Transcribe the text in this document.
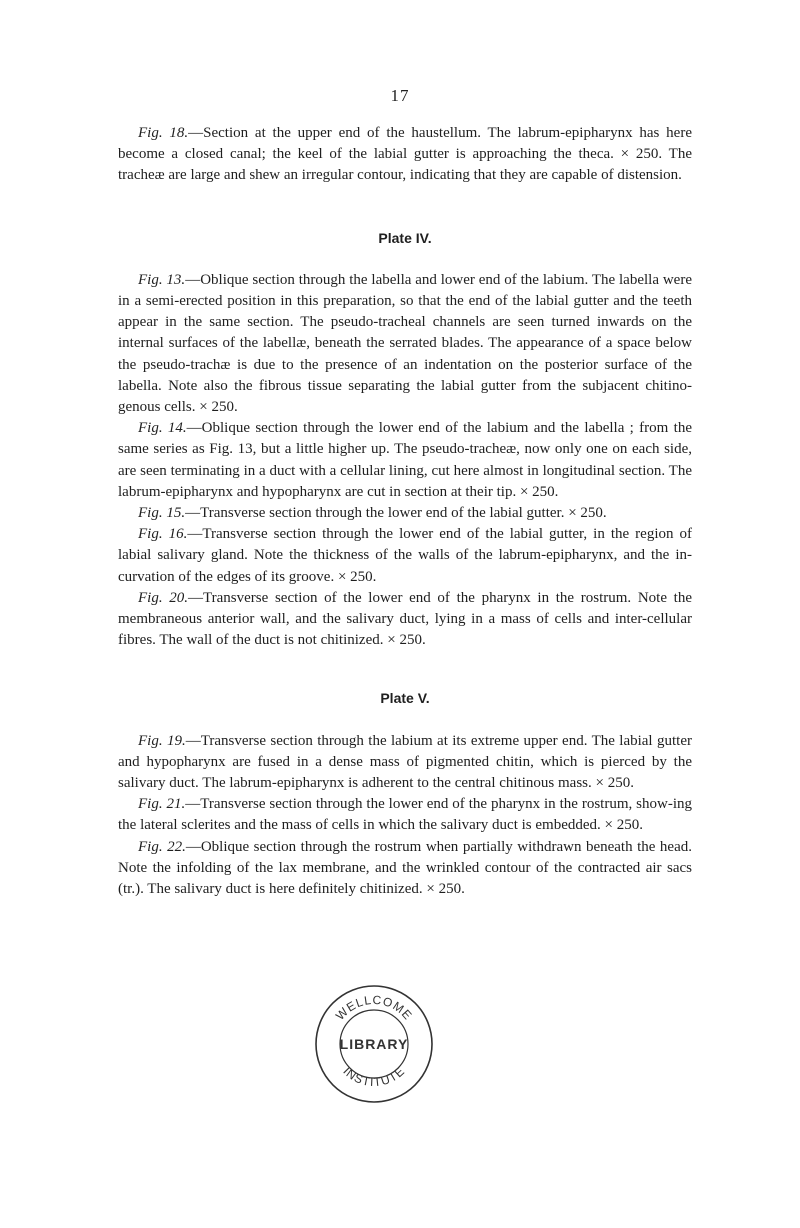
17

Fig. 18.—Section at the upper end of the haustellum. The labrum-epipharynx has here become a closed canal; the keel of the labial gutter is approaching the theca. × 250. The tracheæ are large and shew an irregular contour, indicating that they are capable of distension.

Plate IV.

Fig. 13.—Oblique section through the labella and lower end of the labium. The labella were in a semi-erected position in this preparation, so that the end of the labial gutter and the teeth appear in the same section. The pseudo-tracheal channels are seen turned inwards on the internal surfaces of the labellæ, beneath the serrated blades. The appearance of a space below the pseudo-trachæ is due to the presence of an indentation on the posterior surface of the labella. Note also the fibrous tissue separating the labial gutter from the subjacent chitino-genous cells. × 250.

Fig. 14.—Oblique section through the lower end of the labium and the labella ; from the same series as Fig. 13, but a little higher up. The pseudo-tracheæ, now only one on each side, are seen terminating in a duct with a cellular lining, cut here almost in longitudinal section. The labrum-epipharynx and hypopharynx are cut in section at their tip. × 250.

Fig. 15.—Transverse section through the lower end of the labial gutter. × 250.

Fig. 16.—Transverse section through the lower end of the labial gutter, in the region of labial salivary gland. Note the thickness of the walls of the labrum-epipharynx, and the in-curvation of the edges of its groove. × 250.

Fig. 20.—Transverse section of the lower end of the pharynx in the rostrum. Note the membraneous anterior wall, and the salivary duct, lying in a mass of cells and inter-cellular fibres. The wall of the duct is not chitinized. × 250.

Plate V.

Fig. 19.—Transverse section through the labium at its extreme upper end. The labial gutter and hypopharynx are fused in a dense mass of pigmented chitin, which is pierced by the salivary duct. The labrum-epipharynx is adherent to the central chitinous mass. × 250.

Fig. 21.—Transverse section through the lower end of the pharynx in the rostrum, show-ing the lateral sclerites and the mass of cells in which the salivary duct is embedded. × 250.

Fig. 22.—Oblique section through the rostrum when partially withdrawn beneath the head. Note the infolding of the lax membrane, and the wrinkled contour of the contracted air sacs (tr.). The salivary duct is here definitely chitinized. × 250.

WELLCOME
LIBRARY
INSTITUTE
